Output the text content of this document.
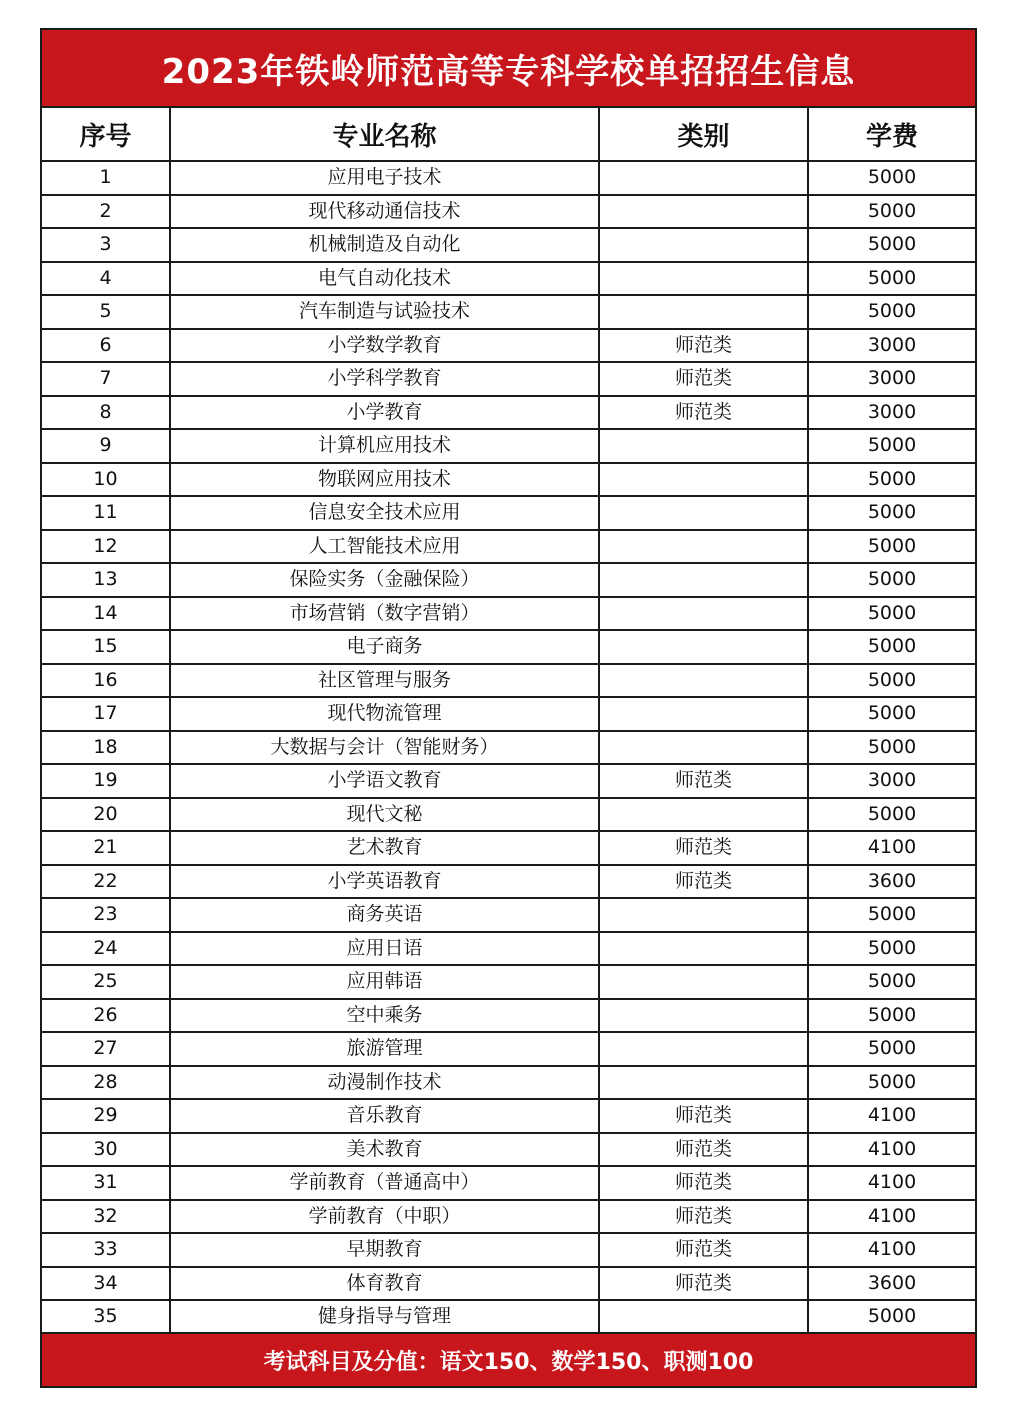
2023年铁岭师范高等专科学校单招招生信息
序号	专业名称	类别	学费
1	应用电子技术		5000
2	现代移动通信技术		5000
3	机械制造及自动化		5000
4	电气自动化技术		5000
5	汽车制造与试验技术		5000
6	小学数学教育	师范类	3000
7	小学科学教育	师范类	3000
8	小学教育	师范类	3000
9	计算机应用技术		5000
10	物联网应用技术		5000
11	信息安全技术应用		5000
12	人工智能技术应用		5000
13	保险实务（金融保险）		5000
14	市场营销（数字营销）		5000
15	电子商务		5000
16	社区管理与服务		5000
17	现代物流管理		5000
18	大数据与会计（智能财务）		5000
19	小学语文教育	师范类	3000
20	现代文秘		5000
21	艺术教育	师范类	4100
22	小学英语教育	师范类	3600
23	商务英语		5000
24	应用日语		5000
25	应用韩语		5000
26	空中乘务		5000
27	旅游管理		5000
28	动漫制作技术		5000
29	音乐教育	师范类	4100
30	美术教育	师范类	4100
31	学前教育（普通高中）	师范类	4100
32	学前教育（中职）	师范类	4100
33	早期教育	师范类	4100
34	体育教育	师范类	3600
35	健身指导与管理		5000
考试科目及分值：语文150、数学150、职测100
